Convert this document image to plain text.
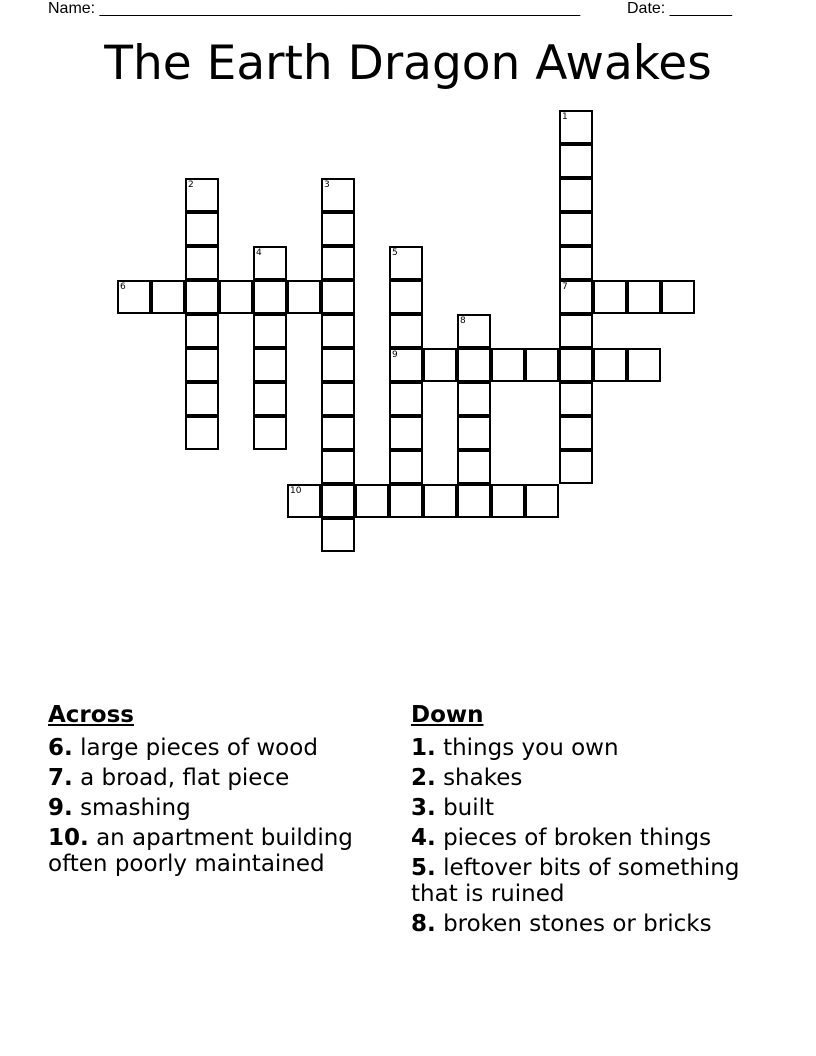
Name: ______________________________________________________	Date: _______
The Earth Dragon Awakes
6	7
9
10
1
2	3
4	5
8
Across
6. large pieces of wood
7. a broad, flat piece
9. smashing
10. an apartment building often poorly maintained
Down
1. things you own
2. shakes
3. built
4. pieces of broken things
5. leftover bits of something that is ruined
8. broken stones or bricks
